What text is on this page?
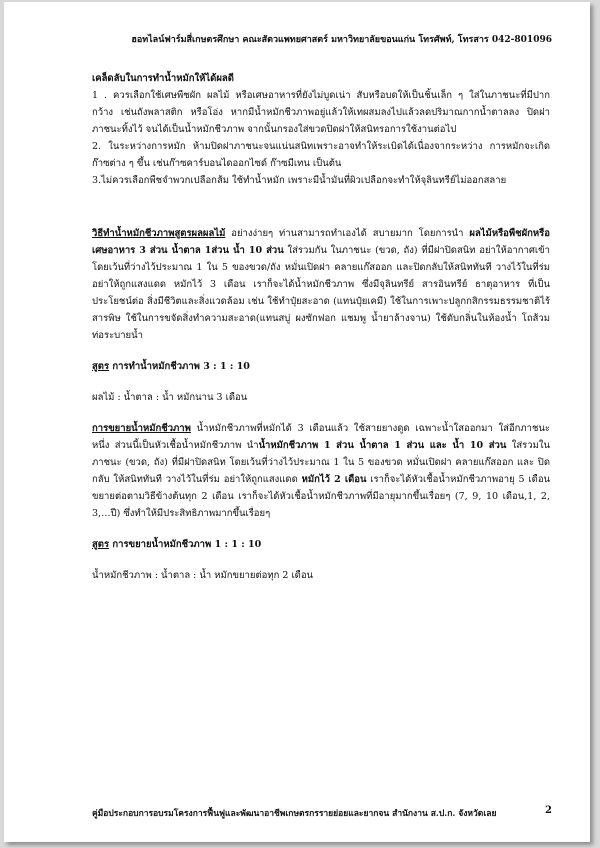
ฮอทไลน์ฟาร์มสี่เกษตรศึกษา คณะสัตวแพทยศาสตร์ มหาวิทยาลัยขอนแก่น โทรศัพท์, โทรสาร 042-801096

เคล็ดลับในการทำน้ำหมักให้ได้ผลดี

1 . ควรเลือกใช้เศษพืชผัก ผลไม้ หรือเศษอาหารที่ยังไม่บูดเน่า สับหรือบดให้เป็นชิ้นเล็ก ๆ ใส่ในภาชนะที่มีปากกว้าง เช่นถังพลาสติก หรือโอ่ง หากมีน้ำหมักชีวภาพอยู่แล้วให้เทผสมลงไปแล้วลดปริมาณกากน้ำตาลลง ปิดฝาภาชนะทิ้งไว้ จนได้เป็นน้ำหมักชีวภาพ จากนั้นกรองใส่ขวดปิดฝาให้สนิทรอการใช้งานต่อไป

2. ในระหว่างการหมัก ห้ามปิดฝาภาชนะจนแน่นสนิทเพราะอาจทำให้ระเบิดได้เนื่องจากระหว่าง การหมักจะเกิดก๊าซต่าง ๆ ขึ้น เช่นก๊าซคาร์บอนไดออกไซด์ ก๊าซมีเทน เป็นต้น

3.ไม่ควรเลือกพืชจำพวกเปลือกส้ม ใช้ทำน้ำหมัก เพราะมีน้ำมันที่ผิวเปลือกจะทำให้จุลินทรีย์ไม่ออกสลาย

วิธีทำน้ำหมักชีวภาพสูตรผลผลไม้ อย่างง่ายๆ ท่านสามารถทำเองได้ สบายมาก โดยการนำ ผลไม้หรือพืชผักหรือเศษอาหาร 3 ส่วน น้ำตาล 1ส่วน น้ำ 10 ส่วน ใส่รวมกัน ในภาชนะ (ขวด, ถัง) ที่มีฝาปิดสนิท อย่าให้อากาศเข้า โดยเว้นที่ว่างไว้ประมาณ 1 ใน 5 ของขวด/ถัง หมั่นเปิดฝา คลายแก๊สออก และปิดกลับให้สนิททันที วางไว้ในที่ร่ม อย่าให้ถูกแสงแดด หมักไว้ 3 เดือน เราก็จะได้น้ำหมักชีวภาพ ซึ่งมีจุลินทรีย์ สารอินทรีย์ ธาตุอาหาร ที่เป็นประโยชน์ต่อ สิ่งมีชีวิตและสิ่งแวดล้อม เช่น ใช้ทำปุ๋ยสะอาด (แทนปุ๋ยเคมี) ใช้ในการเพาะปลูกกสิกรรมธรรมชาติไร้สารพิษ ใช้ในการขจัดสิ่งทำความสะอาด(แทนสบู่ ผงซักฟอก แชมพู น้ำยาล้างจาน) ใช้ดับกลิ่นในห้องน้ำ โถส้วม ท่อระบายน้ำ

สูตร การทำน้ำหมักชีวภาพ 3 : 1 : 10

ผลไม้ : น้ำตาล : น้ำ หมักนาน 3 เดือน

การขยายน้ำหมักชีวภาพ น้ำหมักชีวภาพที่หมักได้ 3 เดือนแล้ว ใช้สายยางดูด เฉพาะน้ำใสออกมา ใส่อีกภาชนะหนึ่ง ส่วนนี้เป็นหัวเชื้อน้ำหมักชีวภาพ นำน้ำหมักชีวภาพ 1 ส่วน น้ำตาล 1 ส่วน และ น้ำ 10 ส่วน ใส่รวมในภาชนะ (ขวด, ถัง) ที่มีฝาปิดสนิท โดยเว้นที่ว่างไว้ประมาณ 1 ใน 5 ของขวด หมั่นเปิดฝา คลายแก๊สออก และ ปิดกลับ ให้สนิททันที วางไว้ในที่ร่ม อย่าให้ถูกแสงแดด หมักไว้ 2 เดือน เราก็จะได้หัวเชื้อน้ำหมักชีวภาพอายุ 5 เดือน ขยายต่อตามวิธีข้างต้นทุก 2 เดือน เราก็จะได้หัวเชื้อน้ำหมักชีวภาพที่มีอายุมากขึ้นเรื่อยๆ (7, 9, 10 เดือน,1, 2, 3,…ปี) ซึ่งทำให้มีประสิทธิภาพมากขึ้นเรื่อยๆ

สูตร การขยายน้ำหมักชีวภาพ 1 : 1 : 10

น้ำหมักชีวภาพ : น้ำตาล : น้ำ หมักขยายต่อทุก 2 เดือน

คู่มือประกอบการอบรมโครงการฟื้นฟูและพัฒนาอาชีพเกษตรกรรายย่อยและยากจน สำนักงาน ส.ป.ก. จังหวัดเลย	2
